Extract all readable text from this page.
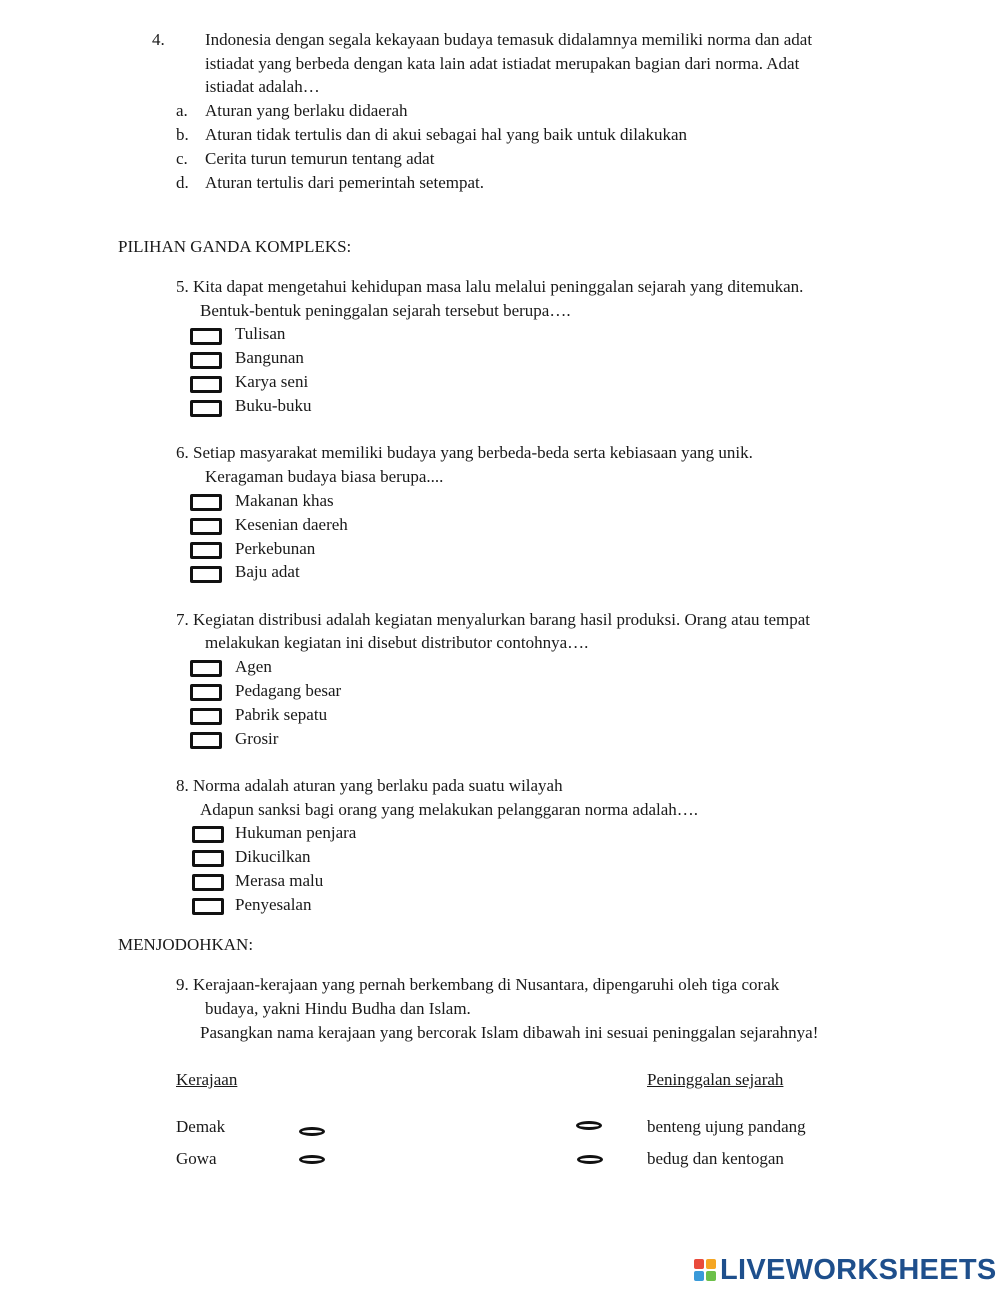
4. Indonesia dengan segala kekayaan budaya temasuk didalamnya memiliki norma dan adat
istiadat yang berbeda dengan kata lain adat istiadat merupakan bagian dari norma. Adat
istiadat adalah…
a. Aturan yang berlaku didaerah
b. Aturan tidak tertulis dan di akui sebagai hal yang baik untuk dilakukan
c. Cerita turun temurun tentang adat
d. Aturan tertulis dari pemerintah setempat.
PILIHAN GANDA KOMPLEKS:
5. Kita dapat mengetahui kehidupan masa lalu melalui peninggalan sejarah yang ditemukan.
Bentuk-bentuk peninggalan sejarah tersebut berupa….
Tulisan
Bangunan
Karya seni
Buku-buku
6. Setiap masyarakat memiliki budaya yang berbeda-beda serta kebiasaan yang unik.
Keragaman budaya biasa berupa....
Makanan khas
Kesenian daereh
Perkebunan
Baju adat
7. Kegiatan distribusi adalah kegiatan menyalurkan barang hasil produksi. Orang atau tempat
melakukan kegiatan ini disebut distributor contohnya….
Agen
Pedagang besar
Pabrik sepatu
Grosir
8. Norma adalah aturan yang berlaku pada suatu wilayah
Adapun sanksi bagi orang yang melakukan pelanggaran norma adalah….
Hukuman penjara
Dikucilkan
Merasa malu
Penyesalan
MENJODOHKAN:
9. Kerajaan-kerajaan yang pernah berkembang di Nusantara, dipengaruhi oleh tiga corak
budaya, yakni Hindu Budha dan Islam.
Pasangkan nama kerajaan yang bercorak Islam dibawah ini sesuai peninggalan sejarahnya!
Kerajaan	Peninggalan sejarah
Demak	benteng ujung pandang
Gowa	bedug dan kentogan
LIVEWORKSHEETS
